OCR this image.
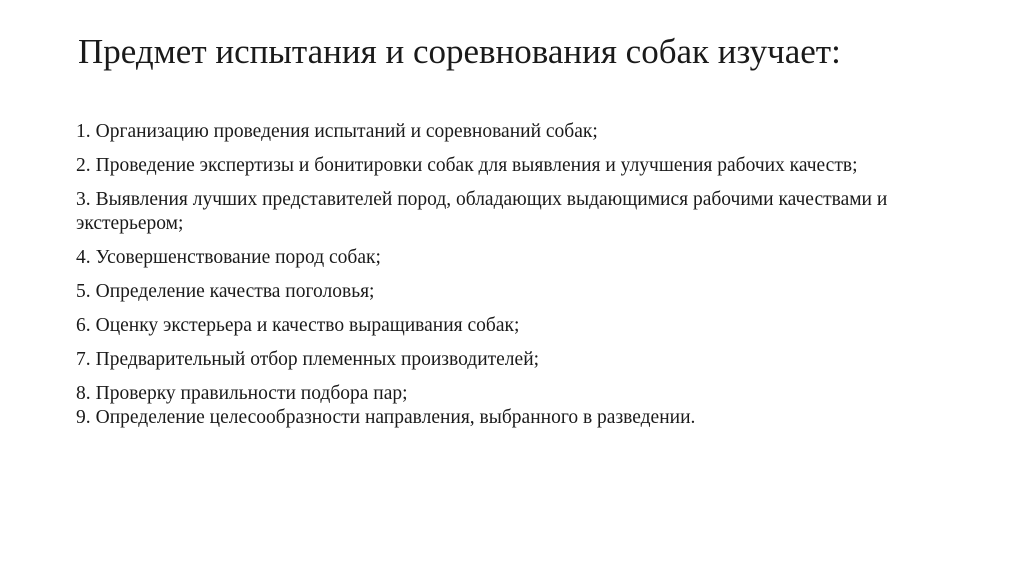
Предмет испытания и соревнования собак изучает:
1. Организацию проведения испытаний и соревнований собак;
2. Проведение экспертизы и бонитировки собак для выявления и улучшения рабочих качеств;
3. Выявления лучших представителей пород, обладающих выдающимися рабочими качествами и экстерьером;
4. Усовершенствование пород собак;
5. Определение качества поголовья;
6. Оценку экстерьера и качество выращивания собак;
7. Предварительный отбор племенных производителей;
8. Проверку правильности подбора пар;
9. Определение целесообразности направления, выбранного в разведении.
